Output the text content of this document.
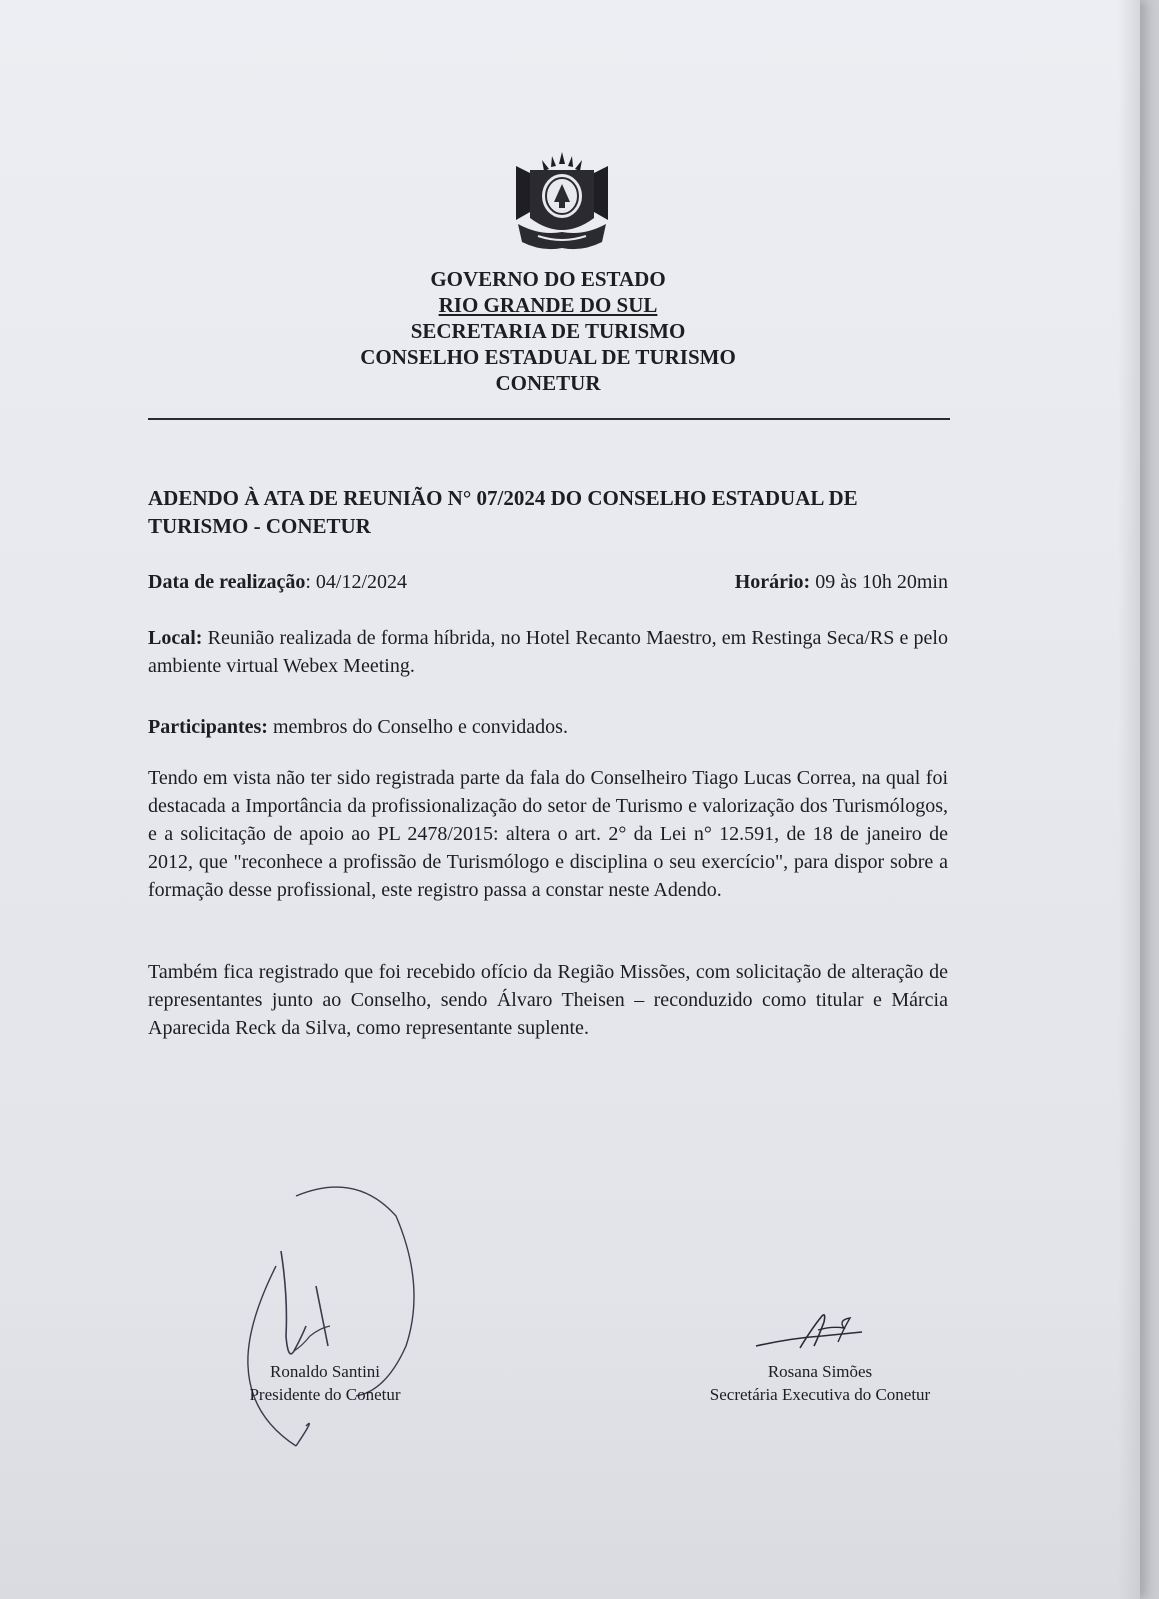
GOVERNO DO ESTADO
RIO GRANDE DO SUL
SECRETARIA DE TURISMO
CONSELHO ESTADUAL DE TURISMO
CONETUR
ADENDO À ATA DE REUNIÃO N° 07/2024 DO CONSELHO ESTADUAL DE TURISMO - CONETUR
Data de realização: 04/12/2024	Horário: 09 às 10h 20min
Local: Reunião realizada de forma híbrida, no Hotel Recanto Maestro, em Restinga Seca/RS e pelo ambiente virtual Webex Meeting.
Participantes: membros do Conselho e convidados.
Tendo em vista não ter sido registrada parte da fala do Conselheiro Tiago Lucas Correa, na qual foi destacada a Importância da profissionalização do setor de Turismo e valorização dos Turismólogos, e a solicitação de apoio ao PL 2478/2015: altera o art. 2° da Lei n° 12.591, de 18 de janeiro de 2012, que "reconhece a profissão de Turismólogo e disciplina o seu exercício", para dispor sobre a formação desse profissional, este registro passa a constar neste Adendo.
Também fica registrado que foi recebido ofício da Região Missões, com solicitação de alteração de representantes junto ao Conselho, sendo Álvaro Theisen – reconduzido como titular e Márcia Aparecida Reck da Silva, como representante suplente.
Ronaldo Santini
Presidente do Conetur
Rosana Simões
Secretária Executiva do Conetur
